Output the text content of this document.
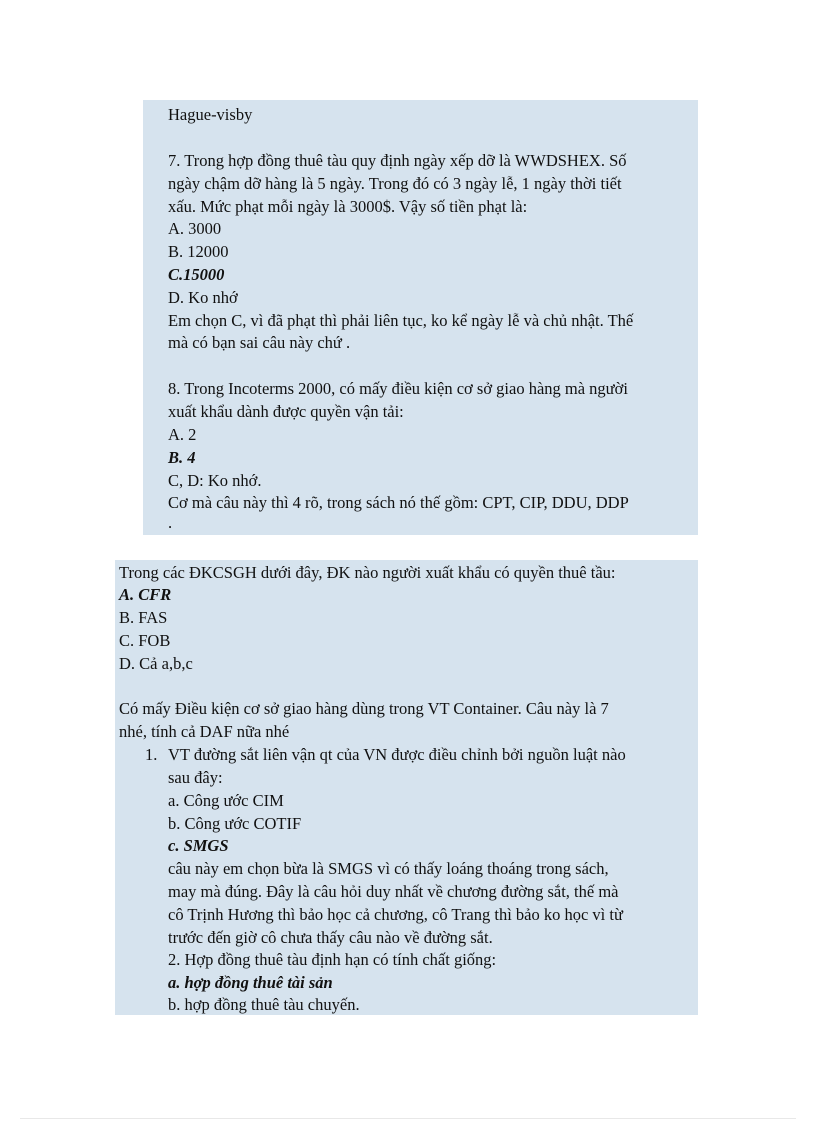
Hague-visby
7. Trong hợp đồng thuê tàu quy định ngày xếp dỡ là WWDSHEX. Số
ngày chậm dỡ hàng là 5 ngày. Trong đó có 3 ngày lễ, 1 ngày thời tiết
xấu. Mức phạt mỗi ngày là 3000$. Vậy số tiền phạt là:
A. 3000
B. 12000
C.15000
D. Ko nhớ
Em chọn C, vì đã phạt thì phải liên tục, ko kể ngày lễ và chủ nhật. Thế
mà có bạn sai câu này chứ .
8. Trong Incoterms 2000, có mấy điều kiện cơ sở giao hàng mà người
xuất khẩu dành được quyền vận tải:
A. 2
B. 4
C, D: Ko nhớ.
Cơ mà câu này thì 4 rõ, trong sách nó thế gồm: CPT, CIP, DDU, DDP
.
Trong các ĐKCSGH dưới đây, ĐK nào người xuất khẩu có quyền thuê tầu:
A. CFR
B. FAS
C. FOB
D. Cả a,b,c
Có mấy Điều kiện cơ sở giao hàng dùng trong VT Container. Câu này là 7
nhé, tính cả DAF nữa nhé
1. VT đường sắt liên vận qt của VN được điều chỉnh bởi nguồn luật nào
sau đây:
a. Công ước CIM
b. Công ước COTIF
c. SMGS
câu này em chọn bừa là SMGS vì có thấy loáng thoáng trong sách,
may mà đúng. Đây là câu hỏi duy nhất về chương đường sắt, thế mà
cô Trịnh Hương thì bảo học cả chương, cô Trang thì bảo ko học vì từ
trước đến giờ cô chưa thấy câu nào về đường sắt.
2. Hợp đồng thuê tàu định hạn có tính chất giống:
a. hợp đồng thuê tài sản
b. hợp đồng thuê tàu chuyến.
